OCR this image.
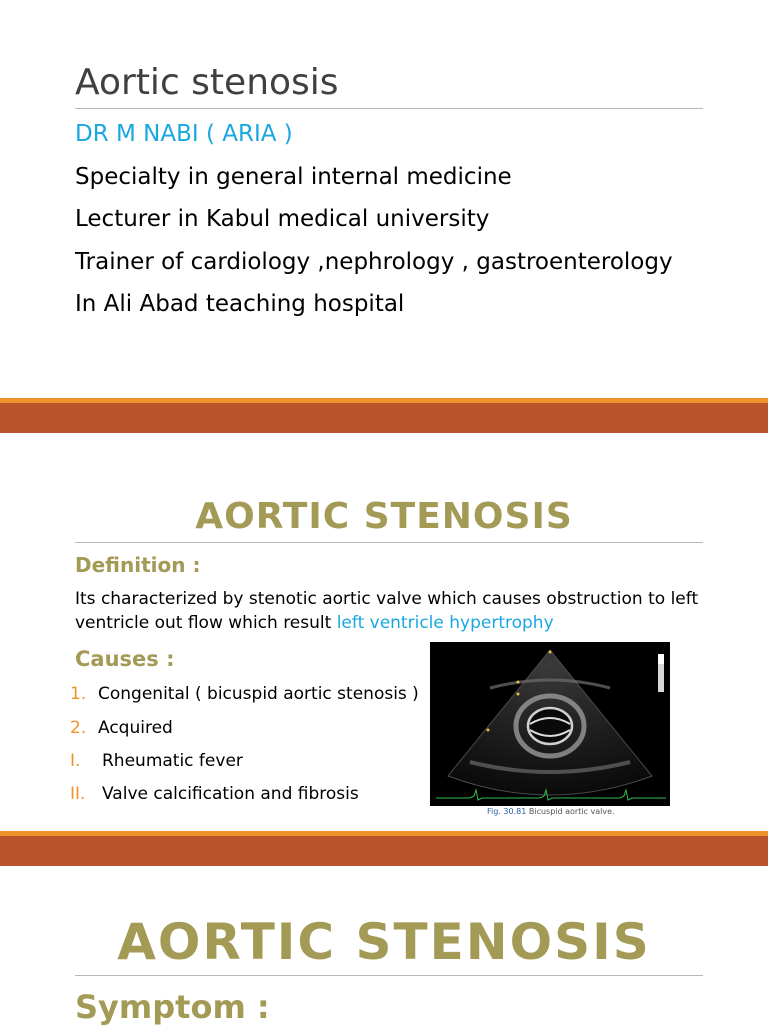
Aortic stenosis
DR M NABI ( ARIA )
Specialty in general internal medicine
Lecturer in Kabul medical university
Trainer of cardiology ,nephrology , gastroenterology
In Ali Abad teaching hospital
AORTIC STENOSIS
Definition :
Its characterized by stenotic aortic valve which causes obstruction to left ventricle out flow which result left ventricle hypertrophy
Causes :
1. Congenital ( bicuspid aortic stenosis )
2. Acquired
I. Rheumatic fever
II. Valve calcification and fibrosis
Fig. 30.81 Bicuspid aortic valve.
AORTIC STENOSIS
Symptom :
